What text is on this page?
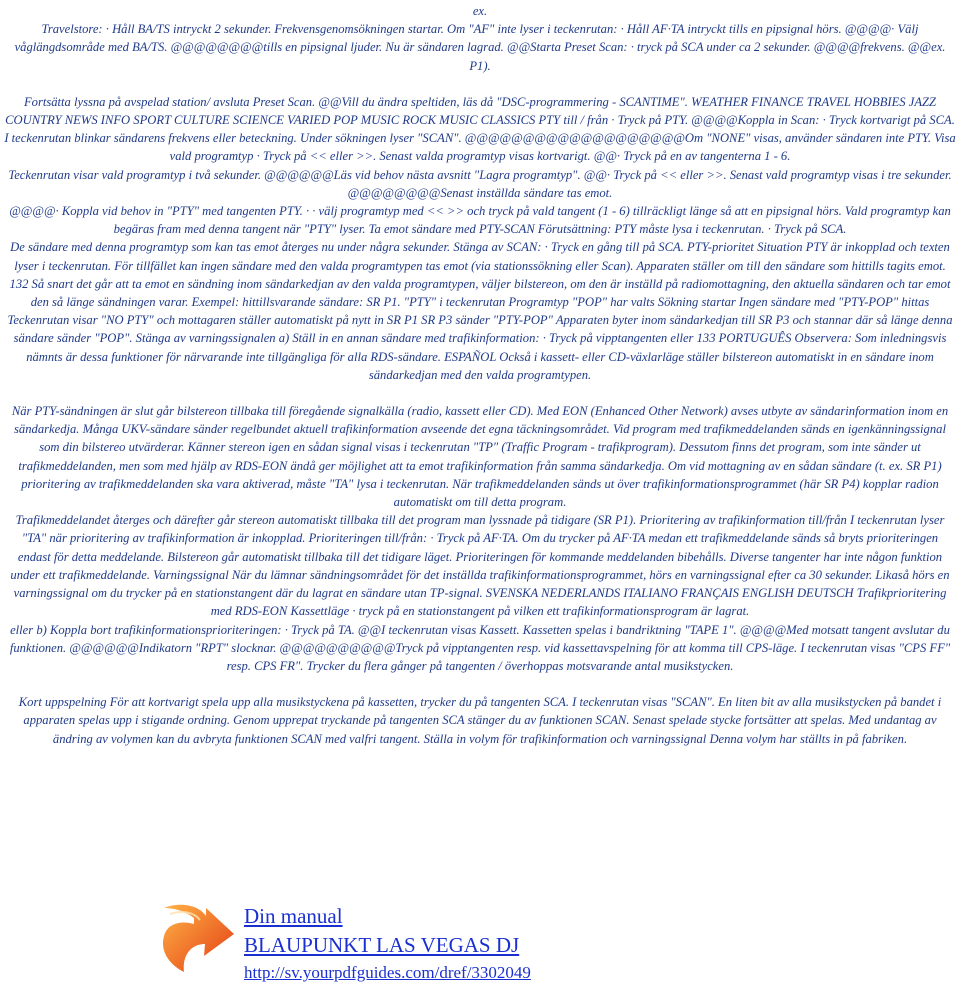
ex.

Travelstore: · Håll BA/TS intryckt 2 sekunder. Frekvensgenomsökningen startar. Om "AF" inte lyser i teckenrutan: · Håll AF·TA intryckt tills en pipsignal hörs. @@@@· Välj våglängdsområde med BA/TS. @@@@@@@@tills en pipsignal ljuder. Nu är sändaren lagrad. @@Starta Preset Scan: · tryck på SCA under ca 2 sekunder. @@@@frekvens. @@ex. P1).

Fortsätta lyssna på avspelad station/ avsluta Preset Scan. @@Vill du ändra speltiden, läs då "DSC-programmering - SCANTIME". WEATHER FINANCE TRAVEL HOBBIES JAZZ COUNTRY NEWS INFO SPORT CULTURE SCIENCE VARIED POP MUSIC ROCK MUSIC CLASSICS PTY till / från · Tryck på PTY. @@@@Koppla in Scan: · Tryck kortvarigt på SCA. I teckenrutan blinkar sändarens frekvens eller beteckning. Under sökningen lyser "SCAN". @@@@@@@@@@@@@@@@@@@Om "NONE" visas, använder sändaren inte PTY. Visa vald programtyp · Tryck på << eller >>. Senast valda programtyp visas kortvarigt. @@· Tryck på en av tangenterna 1 - 6.

Teckenrutan visar vald programtyp i två sekunder. @@@@@@Läs vid behov nästa avsnitt "Lagra programtyp". @@· Tryck på << eller >>. Senast vald programtyp visas i tre sekunder. @@@@@@@@Senast inställda sändare tas emot.

@@@@· Koppla vid behov in "PTY" med tangenten PTY. · · välj programtyp med << >> och tryck på vald tangent (1 - 6) tillräckligt länge så att en pipsignal hörs. Vald programtyp kan begäras fram med denna tangent när "PTY" lyser. Ta emot sändare med PTY-SCAN Förutsättning: PTY måste lysa i teckenrutan. · Tryck på SCA.

De sändare med denna programtyp som kan tas emot återges nu under några sekunder. Stänga av SCAN: · Tryck en gång till på SCA. PTY-prioritet Situation PTY är inkopplad och texten lyser i teckenrutan. För tillfället kan ingen sändare med den valda programtypen tas emot (via stationssökning eller Scan). Apparaten ställer om till den sändare som hittills tagits emot. 132 Så snart det går att ta emot en sändning inom sändarkedjan av den valda programtypen, väljer bilstereon, om den är inställd på radiomottagning, den aktuella sändaren och tar emot den så länge sändningen varar. Exempel: hittillsvarande sändare: SR P1. "PTY" i teckenrutan Programtyp "POP" har valts Sökning startar Ingen sändare med "PTY-POP" hittas Teckenrutan visar "NO PTY" och mottagaren ställer automatiskt på nytt in SR P1 SR P3 sänder "PTY-POP" Apparaten byter inom sändarkedjan till SR P3 och stannar där så länge denna sändare sänder "POP". Stänga av varningssignalen a) Ställ in en annan sändare med trafikinformation: · Tryck på vipptangenten eller 133 PORTUGUÊS Observera: Som inledningsvis nämnts är dessa funktioner för närvarande inte tillgängliga för alla RDS-sändare. ESPAÑOL Också i kassett- eller CD-växlarläge ställer bilstereon automatiskt in en sändare inom sändarkedjan med den valda programtypen.

När PTY-sändningen är slut går bilstereon tillbaka till föregående signalkälla (radio, kassett eller CD). Med EON (Enhanced Other Network) avses utbyte av sändarinformation inom en sändarkedja. Många UKV-sändare sänder regelbundet aktuell trafikinformation avseende det egna täckningsområdet. Vid program med trafikmeddelanden sänds en igenkänningssignal som din bilstereo utvärderar. Känner stereon igen en sådan signal visas i teckenrutan "TP" (Traffic Program - trafikprogram). Dessutom finns det program, som inte sänder ut trafikmeddelanden, men som med hjälp av RDS-EON ändå ger möjlighet att ta emot trafikinformation från samma sändarkedja. Om vid mottagning av en sådan sändare (t. ex. SR P1) prioritering av trafikmeddelanden ska vara aktiverad, måste "TA" lysa i teckenrutan. När trafikmeddelanden sänds ut över trafikinformationsprogrammet (här SR P4) kopplar radion automatiskt om till detta program.

Trafikmeddelandet återges och därefter går stereon automatiskt tillbaka till det program man lyssnade på tidigare (SR P1). Prioritering av trafikinformation till/från I teckenrutan lyser "TA" när prioritering av trafikinformation är inkopplad. Prioriteringen till/från: · Tryck på AF·TA. Om du trycker på AF·TA medan ett trafikmeddelande sänds så bryts prioriteringen endast för detta meddelande. Bilstereon går automatiskt tillbaka till det tidigare läget. Prioriteringen för kommande meddelanden bibehålls. Diverse tangenter har inte någon funktion under ett trafikmeddelande. Varningssignal När du lämnar sändningsområdet för det inställda trafikinformationsprogrammet, hörs en varningssignal efter ca 30 sekunder. Likaså hörs en varningssignal om du trycker på en stationstangent där du lagrat en sändare utan TP-signal. SVENSKA NEDERLANDS ITALIANO FRANÇAIS ENGLISH DEUTSCH Trafikprioritering med RDS-EON Kassettläge · tryck på en stationstangent på vilken ett trafikinformationsprogram är lagrat.

eller b) Koppla bort trafikinformationsprioriteringen: · Tryck på TA. @@I teckenrutan visas Kassett. Kassetten spelas i bandriktning "TAPE 1". @@@@Med motsatt tangent avslutar du funktionen. @@@@@@Indikatorn "RPT" slocknar. @@@@@@@@@@Tryck på vipptangenten resp. vid kassettavspelning för att komma till CPS-läge. I teckenrutan visas "CPS FF" resp. CPS FR". Trycker du flera gånger på tangenten / överhoppas motsvarande antal musikstycken.

Kort uppspelning För att kortvarigt spela upp alla musikstyckena på kassetten, trycker du på tangenten SCA. I teckenrutan visas "SCAN". En liten bit av alla musikstycken på bandet i apparaten spelas upp i stigande ordning. Genom upprepat tryckande på tangenten SCA stänger du av funktionen SCAN. Senast spelade stycke fortsätter att spelas. Med undantag av ändring av volymen kan du avbryta funktionen SCAN med valfri tangent. Ställa in volym för trafikinformation och varningssignal Denna volym har ställts in på fabriken.

Din manual
BLAUPUNKT LAS VEGAS DJ
http://sv.yourpdfguides.com/dref/3302049
